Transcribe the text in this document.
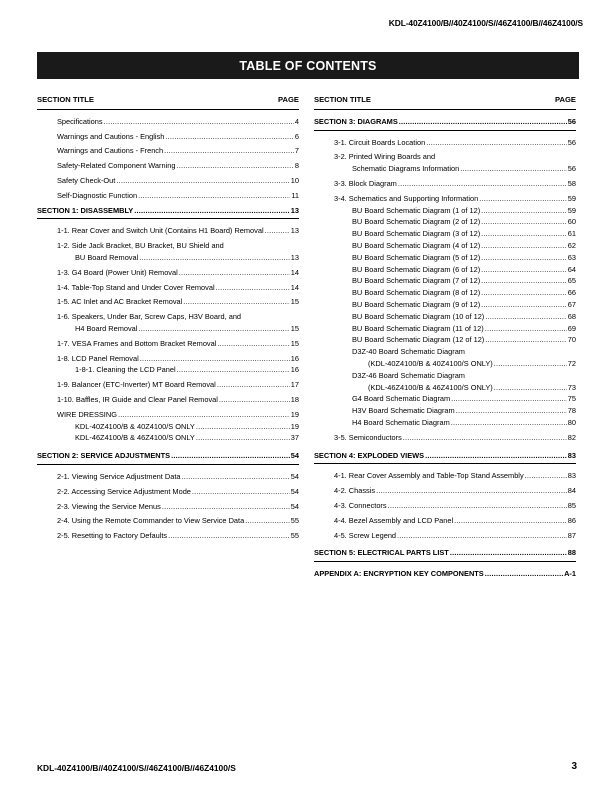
KDL-40Z4100/B//40Z4100/S//46Z4100/B//46Z4100/S
TABLE OF CONTENTS
SECTION TITLE	PAGE
Specifications .....	4
Warnings and Cautions - English .....	6
Warnings and Cautions - French .....	7
Safety-Related Component Warning .....	8
Safety Check-Out .....	10
Self-Diagnostic Function .....	11
SECTION 1: DISASSEMBLY .....	13
1-1. Rear Cover and Switch Unit (Contains H1 Board) Removal .....	13
1-2. Side Jack Bracket, BU Bracket, BU Shield and
BU Board Removal .....	13
1-3. G4 Board (Power Unit) Removal .....	14
1-4. Table-Top Stand and Under Cover Removal .....	14
1-5. AC Inlet and AC Bracket Removal .....	15
1-6. Speakers, Under Bar, Screw Caps, H3V Board, and
H4 Board Removal .....	15
1-7. VESA Frames and Bottom Bracket Removal .....	15
1-8. LCD Panel Removal .....	16
1-8-1. Cleaning the LCD Panel .....	16
1-9. Balancer (ETC-Inverter) MT Board Removal .....	17
1-10. Baffles, IR Guide and Clear Panel Removal .....	18
WIRE DRESSING .....	19
KDL-40Z4100/B & 40Z4100/S ONLY .....	19
KDL-46Z4100/B & 46Z4100/S ONLY .....	37
SECTION 2: SERVICE ADJUSTMENTS .....	54
2-1. Viewing Service Adjustment Data .....	54
2-2. Accessing Service Adjustment Mode .....	54
2-3. Viewing the Service Menus .....	54
2-4. Using the Remote Commander to View Service Data .....	55
2-5. Resetting to Factory Defaults .....	55
SECTION TITLE	PAGE
SECTION 3: DIAGRAMS .....	56
3-1. Circuit Boards Location .....	56
3-2. Printed Wiring Boards and
Schematic Diagrams Information .....	56
3-3. Block Diagram .....	58
3-4. Schematics and Supporting Information .....	59
BU Board Schematic Diagram (1 of 12) .....	59
BU Board Schematic Diagram (2 of 12) .....	60
BU Board Schematic Diagram (3 of 12) .....	61
BU Board Schematic Diagram (4 of 12) .....	62
BU Board Schematic Diagram (5 of 12) .....	63
BU Board Schematic Diagram (6 of 12) .....	64
BU Board Schematic Diagram (7 of 12) .....	65
BU Board Schematic Diagram (8 of 12) .....	66
BU Board Schematic Diagram (9 of 12) .....	67
BU Board Schematic Diagram (10 of 12) .....	68
BU Board Schematic Diagram (11 of 12) .....	69
BU Board Schematic Diagram (12 of 12) .....	70
D3Z-40 Board Schematic Diagram
(KDL-40Z4100/B & 40Z4100/S ONLY) .....	72
D3Z-46 Board Schematic Diagram
(KDL-46Z4100/B & 46Z4100/S ONLY) .....	73
G4 Board Schematic Diagram .....	75
H3V Board Schematic Diagram .....	78
H4 Board Schematic Diagram .....	80
3-5. Semiconductors .....	82
SECTION 4: EXPLODED VIEWS .....	83
4-1. Rear Cover Assembly and Table-Top Stand Assembly .....	83
4-2. Chassis .....	84
4-3. Connectors .....	85
4-4. Bezel Assembly and LCD Panel .....	86
4-5. Screw Legend .....	87
SECTION 5: ELECTRICAL PARTS LIST .....	88
APPENDIX A: ENCRYPTION KEY COMPONENTS .....	A-1
KDL-40Z4100/B//40Z4100/S//46Z4100/B//46Z4100/S	3
